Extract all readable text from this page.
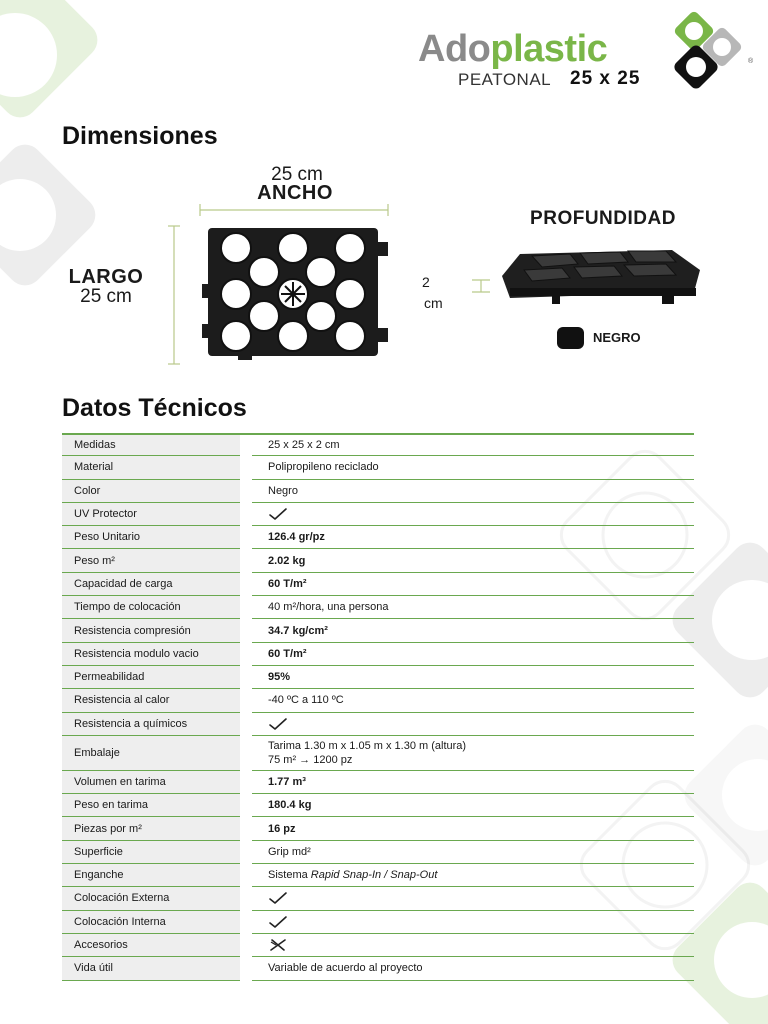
Adoplastic
PEATONAL 25 x 25
®
Dimensiones
25 cm
ANCHO
LARGO
25 cm
PROFUNDIDAD
2
cm
NEGRO
Datos Técnicos
Medidas		25 x 25 x 2 cm
Material		Polipropileno reciclado
Color		Negro
UV Protector		
Peso Unitario		126.4 gr/pz
Peso m²		2.02 kg
Capacidad de carga		60 T/m²
Tiempo de colocación		40 m²/hora, una persona
Resistencia compresión		34.7 kg/cm²
Resistencia modulo vacio		60 T/m²
Permeabilidad		95%
Resistencia al calor		-40 ºC a 110 ºC
Resistencia a químicos		
Embalaje		Tarima 1.30 m x 1.05 m x 1.30 m (altura)
75 m² → 1200 pz

Volumen en tarima		1.77 m³
Peso en tarima		180.4 kg
Piezas por m²		16 pz
Superficie		Grip md²
Enganche		Sistema Rapid Snap-In / Snap-Out
Colocación Externa		
Colocación Interna		
Accesorios		
Vida útil		Variable de acuerdo al proyecto
